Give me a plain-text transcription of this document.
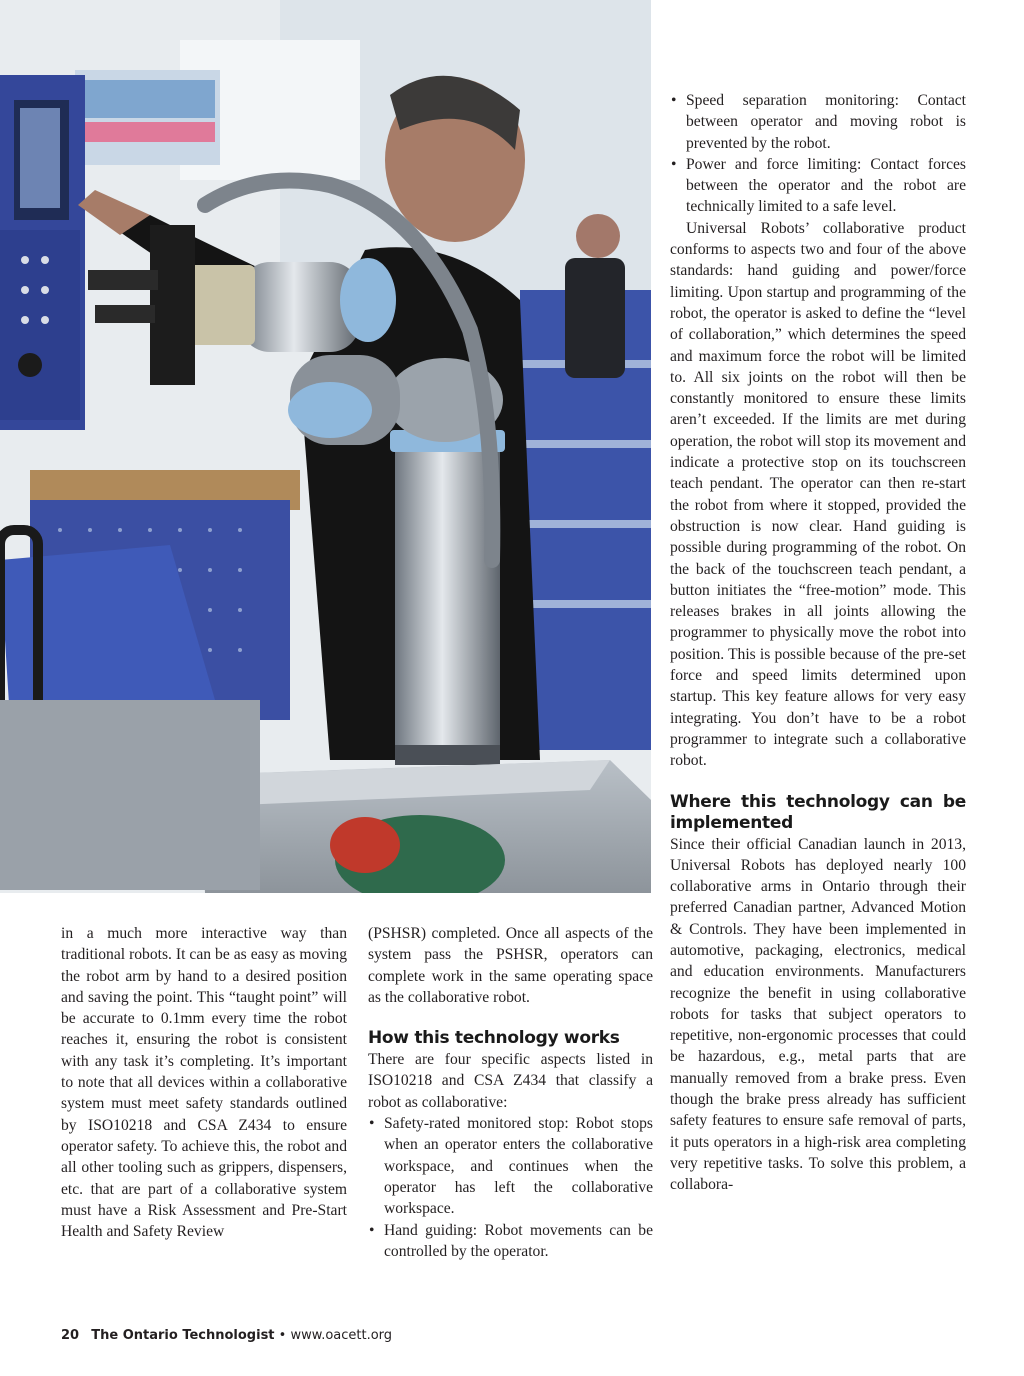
in a much more interactive way than traditional robots. It can be as easy as moving the robot arm by hand to a desired position and saving the point. This “taught point” will be accurate to 0.1mm every time the robot reaches it, ensuring the robot is consistent with any task it’s completing. It’s important to note that all devices within a collaborative system must meet safety standards outlined by ISO10218 and CSA Z434 to ensure operator safety. To achieve this, the robot and all other tooling such as grippers, dispensers, etc. that are part of a collaborative system must have a Risk Assessment and Pre-Start Health and Safety Review

(PSHSR) completed. Once all aspects of the system pass the PSHSR, operators can complete work in the same operating space as the collaborative robot.

How this technology works

There are four specific aspects listed in ISO10218 and CSA Z434 that classify a robot as collaborative:

• Safety-rated monitored stop: Robot stops when an operator enters the collaborative workspace, and continues when the operator has left the collaborative workspace.
• Hand guiding: Robot movements can be controlled by the operator.
• Speed separation monitoring: Contact between operator and moving robot is prevented by the robot.
• Power and force limiting: Contact forces between the operator and the robot are technically limited to a safe level.

Universal Robots’ collaborative product conforms to aspects two and four of the above standards: hand guiding and power/force limiting. Upon startup and programming of the robot, the operator is asked to define the “level of collaboration,” which determines the speed and maximum force the robot will be limited to. All six joints on the robot will then be constantly monitored to ensure these limits aren’t exceeded. If the limits are met during operation, the robot will stop its movement and indicate a protective stop on its touchscreen teach pendant. The operator can then re-start the robot from where it stopped, provided the obstruction is now clear. Hand guiding is possible during programming of the robot. On the back of the touchscreen teach pendant, a button initiates the “free-motion” mode. This releases brakes in all joints allowing the programmer to physically move the robot into position. This is possible because of the pre-set force and speed limits determined upon startup. This key feature allows for very easy integrating. You don’t have to be a robot programmer to integrate such a collaborative robot.

Where this technology can be implemented

Since their official Canadian launch in 2013, Universal Robots has deployed nearly 100 collaborative arms in Ontario through their preferred Canadian partner, Advanced Motion & Controls. They have been implemented in automotive, packaging, electronics, medical and education environments. Manufacturers recognize the benefit in using collaborative robots for tasks that subject operators to repetitive, non-ergonomic processes that could be hazardous, e.g., metal parts that are manually removed from a brake press. Even though the brake press already has sufficient safety features to ensure safe removal of parts, it puts operators in a high-risk area completing very repetitive tasks. To solve this problem, a collabora-

20 The Ontario Technologist • www.oacett.org
